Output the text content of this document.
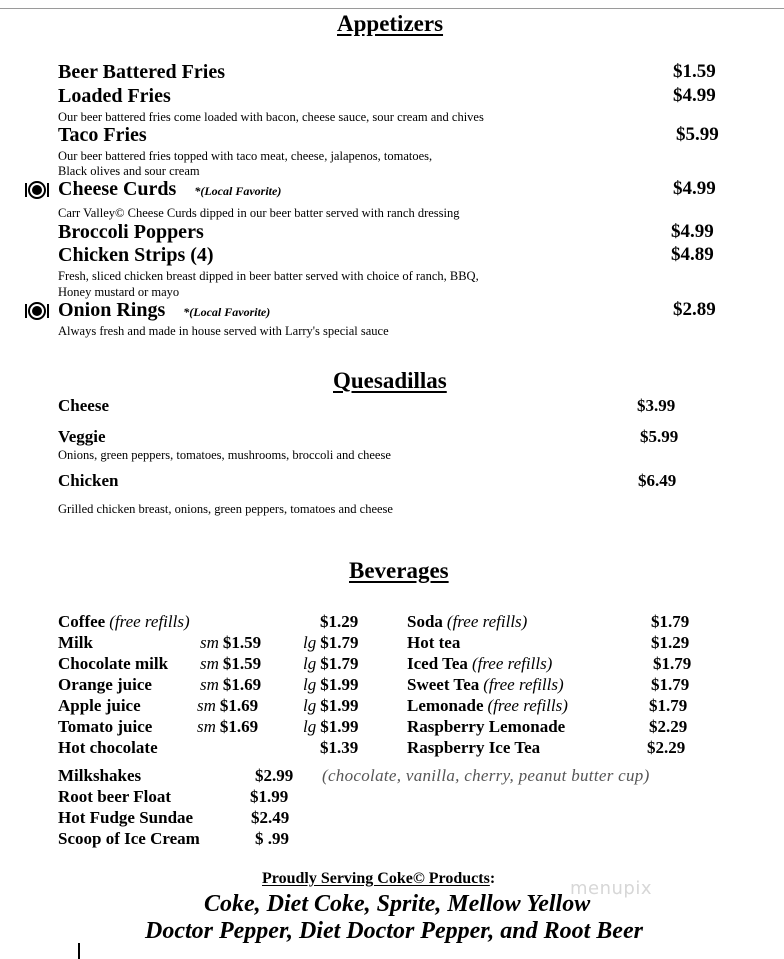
Appetizers
Beer Battered Fries	$1.59
Loaded Fries	$4.99
Our beer battered fries come loaded with bacon, cheese sauce, sour cream and chives
Taco Fries	$5.99
Our beer battered fries topped with taco meat, cheese, jalapenos, tomatoes,
Black olives and sour cream
Cheese Curds *(Local Favorite)	$4.99
Carr Valley© Cheese Curds dipped in our beer batter served with ranch dressing
Broccoli Poppers	$4.99
Chicken Strips (4)	$4.89
Fresh, sliced chicken breast dipped in beer batter served with choice of ranch, BBQ,
Honey mustard or mayo
Onion Rings *(Local Favorite)	$2.89
Always fresh and made in house served with Larry's special sauce
Quesadillas
Cheese	$3.99
Veggie	$5.99
Onions, green peppers, tomatoes, mushrooms, broccoli and cheese
Chicken	$6.49
Grilled chicken breast, onions, green peppers, tomatoes and cheese
Beverages
Coffee (free refills)	$1.29
Milk	sm $1.59 lg $1.79
Chocolate milk sm $1.59 lg $1.79
Orange juice	sm $1.69 lg $1.99
Apple juice	sm $1.69	lg $1.99
Tomato juice	sm $1.69	lg $1.99
Hot chocolate	$1.39
Soda (free refills)	$1.79
Hot tea	$1.29
Iced Tea (free refills)	$1.79
Sweet Tea (free refills)	$1.79
Lemonade (free refills)	$1.79
Raspberry Lemonade	$2.29
Raspberry Ice Tea	$2.29
Milkshakes	$2.99 (chocolate, vanilla, cherry, peanut butter cup)
Root beer Float	$1.99
Hot Fudge Sundae	$2.49
Scoop of Ice Cream	$ .99
Proudly Serving Coke© Products:
Coke, Diet Coke, Sprite, Mellow Yellow
Doctor Pepper, Diet Doctor Pepper, and Root Beer
menupix
